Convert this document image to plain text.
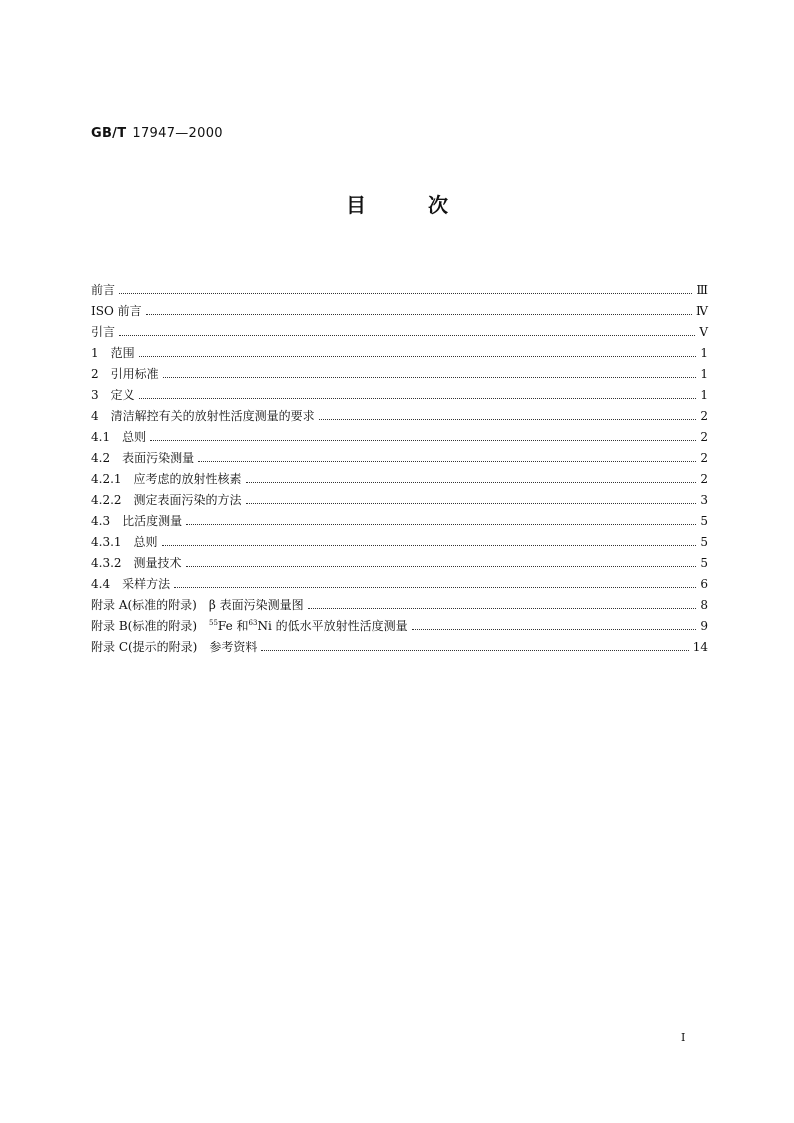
GB/T 17947—2000
目	次
前言	Ⅲ
ISO 前言	Ⅳ
引言	Ⅴ
1　范围	1
2　引用标准	1
3　定义	1
4　清洁解控有关的放射性活度测量的要求	2
4.1　总则	2
4.2　表面污染测量	2
4.2.1　应考虑的放射性核素	2
4.2.2　测定表面污染的方法	3
4.3　比活度测量	5
4.3.1　总则	5
4.3.2　测量技术	5
4.4　采样方法	6
附录 A(标准的附录)　β 表面污染测量图	8
附录 B(标准的附录)　$^{55}$Fe 和$^{63}$Ni 的低水平放射性活度测量	9
附录 C(提示的附录)　参考资料	14
I
